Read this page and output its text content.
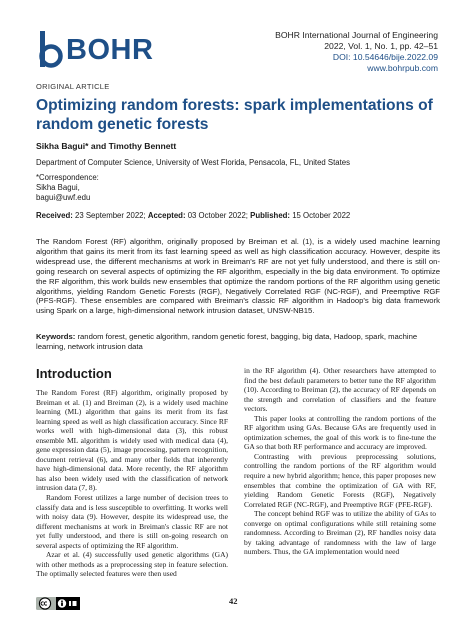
BOHR	BOHR International Journal of Engineering
2022, Vol. 1, No. 1, pp. 42–51
DOI: 10.54646/bije.2022.09
www.bohrpub.com
ORIGINAL ARTICLE
Optimizing random forests: spark implementations of random genetic forests
Sikha Bagui* and Timothy Bennett
Department of Computer Science, University of West Florida, Pensacola, FL, United States
*Correspondence:
Sikha Bagui,
bagui@uwf.edu
Received: 23 September 2022; Accepted: 03 October 2022; Published: 15 October 2022
The Random Forest (RF) algorithm, originally proposed by Breiman et al. (1), is a widely used machine learning algorithm that gains its merit from its fast learning speed as well as high classification accuracy. However, despite its widespread use, the different mechanisms at work in Breiman's RF are not yet fully understood, and there is still on-going research on several aspects of optimizing the RF algorithm, especially in the big data environment. To optimize the RF algorithm, this work builds new ensembles that optimize the random portions of the RF algorithm using genetic algorithms, yielding Random Genetic Forests (RGF), Negatively Correlated RGF (NC-RGF), and Preemptive RGF (PFS-RGF). These ensembles are compared with Breiman's classic RF algorithm in Hadoop's big data framework using Spark on a large, high-dimensional network intrusion dataset, UNSW-NB15.
Keywords: random forest, genetic algorithm, random genetic forest, bagging, big data, Hadoop, spark, machine learning, network intrusion data
Introduction

The Random Forest (RF) algorithm, originally proposed by Breiman et al. (1) and Breiman (2), is a widely used machine learning (ML) algorithm that gains its merit from its fast learning speed as well as high classification accuracy. Since RF works well with high-dimensional data (3), this robust ensemble ML algorithm is widely used with medical data (4), gene expression data (5), image processing, pattern recognition, document retrieval (6), and many other fields that inherently have high-dimensional data. More recently, the RF algorithm has also been widely used with the classification of network intrusion data (7, 8).

Random Forest utilizes a large number of decision trees to classify data and is less susceptible to overfitting. It works well with noisy data (9). However, despite its widespread use, the different mechanisms at work in Breiman's classic RF are not yet fully understood, and there is still on-going research on several aspects of optimizing the RF algorithm.

Azar et al. (4) successfully used genetic algorithms (GA) with other methods as a preprocessing step in feature selection. The optimally selected features were then used

in the RF algorithm (4). Other researchers have attempted to find the best default parameters to better tune the RF algorithm (10). According to Breiman (2), the accuracy of RF depends on the strength and correlation of classifiers and the feature vectors.

This paper looks at controlling the random portions of the RF algorithm using GAs. Because GAs are frequently used in optimization schemes, the goal of this work is to fine-tune the GA so that both RF performance and accuracy are improved.

Contrasting with previous preprocessing solutions, controlling the random portions of the RF algorithm would require a new hybrid algorithm; hence, this paper proposes new ensembles that combine the optimization of GA with RF, yielding Random Genetic Forests (RGF), Negatively Correlated RGF (NC-RGF), and Preemptive RGF (PFE-RGF).

The concept behind RGF was to utilize the ability of GAs to converge on optimal configurations while still retaining some randomness. According to Breiman (2), RF handles noisy data by taking advantage of randomness with the law of large numbers. Thus, the GA implementation would need

42
